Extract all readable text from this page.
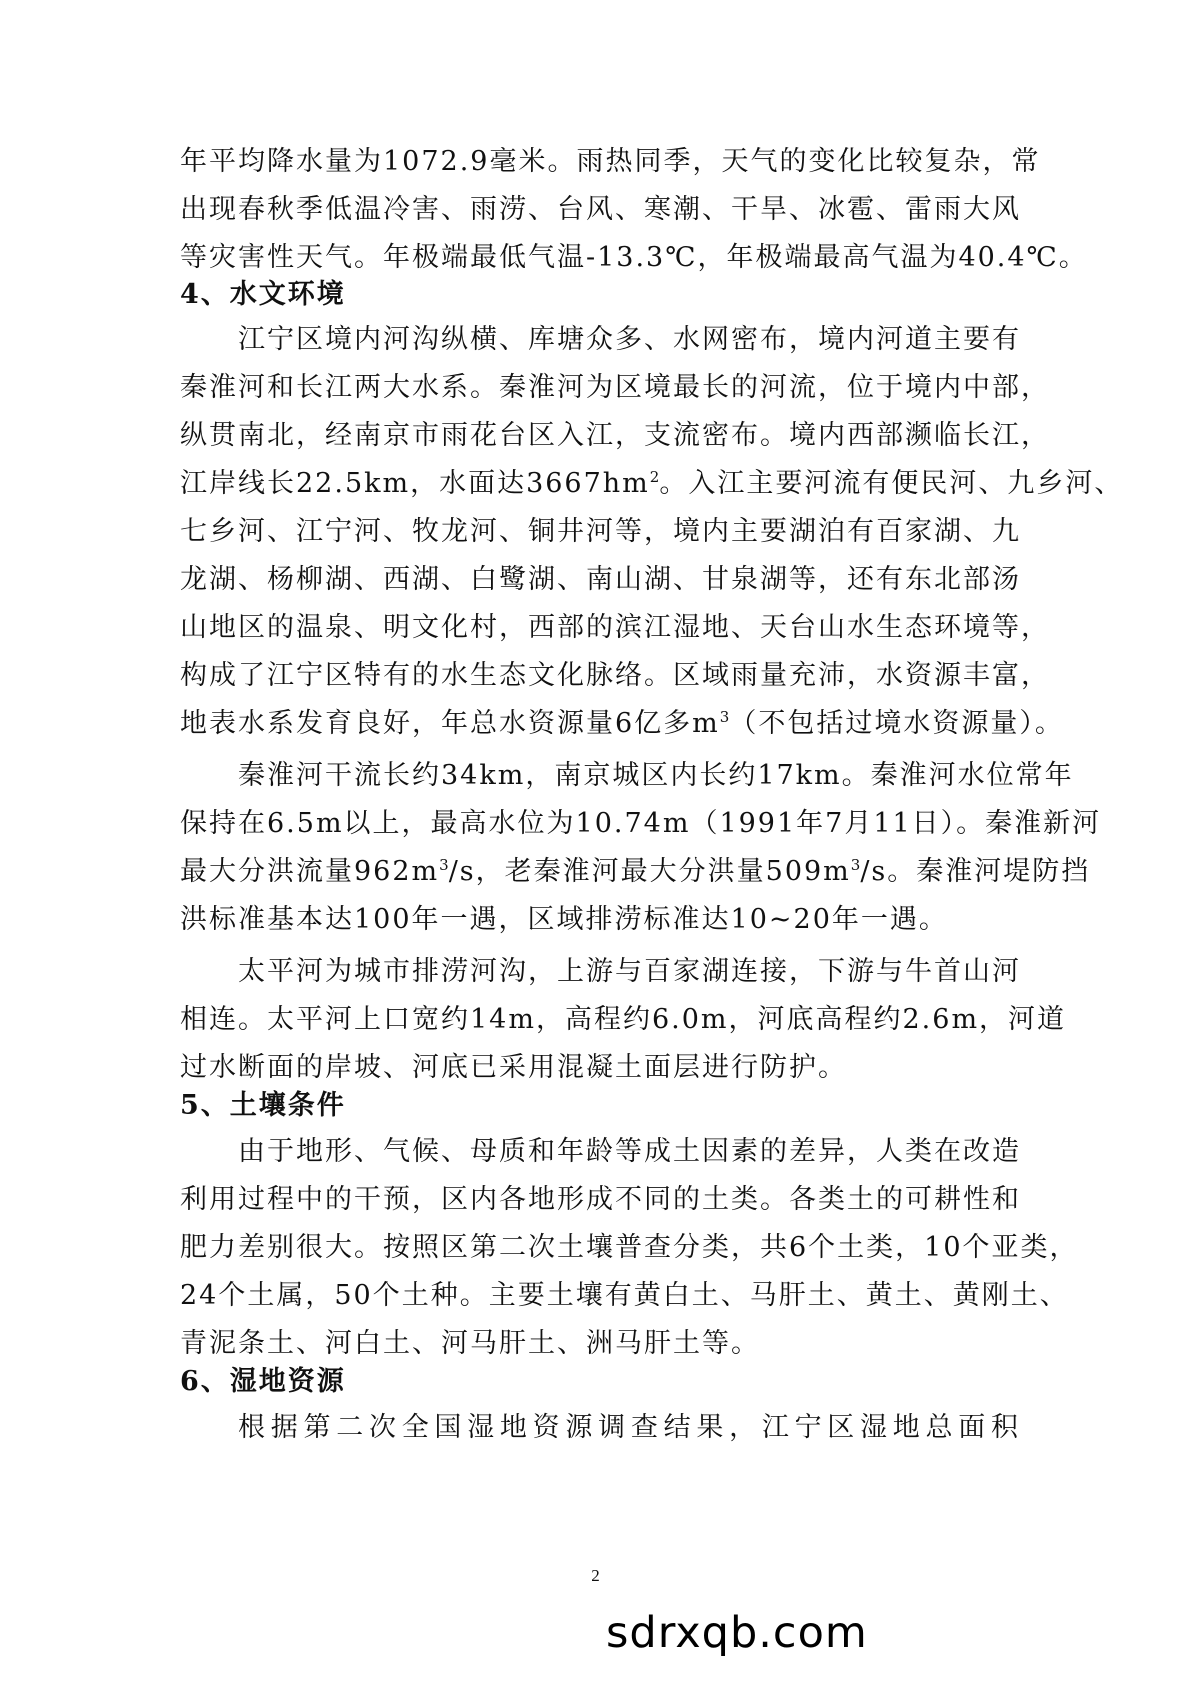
年平均降水量为1072.9毫米。雨热同季，天气的变化比较复杂，常
出现春秋季低温冷害、雨涝、台风、寒潮、干旱、冰雹、雷雨大风
等灾害性天气。年极端最低气温-13.3℃，年极端最高气温为40.4℃。
4、水文环境
江宁区境内河沟纵横、库塘众多、水网密布，境内河道主要有
秦淮河和长江两大水系。秦淮河为区境最长的河流，位于境内中部，
纵贯南北，经南京市雨花台区入江，支流密布。境内西部濒临长江，
江岸线长22.5km，水面达$3667hm^2$。入江主要河流有便民河、九乡河、
七乡河、江宁河、牧龙河、铜井河等，境内主要湖泊有百家湖、九
龙湖、杨柳湖、西湖、白鹭湖、南山湖、甘泉湖等，还有东北部汤
山地区的温泉、明文化村，西部的滨江湿地、天台山水生态环境等，
构成了江宁区特有的水生态文化脉络。区域雨量充沛，水资源丰富，
地表水系发育良好，年总水资源量6亿多$m^3$（不包括过境水资源量）。
秦淮河干流长约34km，南京城区内长约17km。秦淮河水位常年
保持在6.5m以上，最高水位为10.74m（1991年7月11日）。秦淮新河
最大分洪流量$962m^3/s$，老秦淮河最大分洪量$509m^3/s$。秦淮河堤防挡
洪标准基本达100年一遇，区域排涝标准达10~20年一遇。
太平河为城市排涝河沟，上游与百家湖连接，下游与牛首山河
相连。太平河上口宽约14m，高程约6.0m，河底高程约2.6m，河道
过水断面的岸坡、河底已采用混凝土面层进行防护。
5、土壤条件
由于地形、气候、母质和年龄等成土因素的差异，人类在改造
利用过程中的干预，区内各地形成不同的土类。各类土的可耕性和
肥力差别很大。按照区第二次土壤普查分类，共6个土类，10个亚类，
24个土属，50个土种。主要土壤有黄白土、马肝土、黄土、黄刚土、
青泥条土、河白土、河马肝土、洲马肝土等。
6、湿地资源
根据第二次全国湿地资源调查结果，江宁区湿地总面积
2
sdrxqb.com
